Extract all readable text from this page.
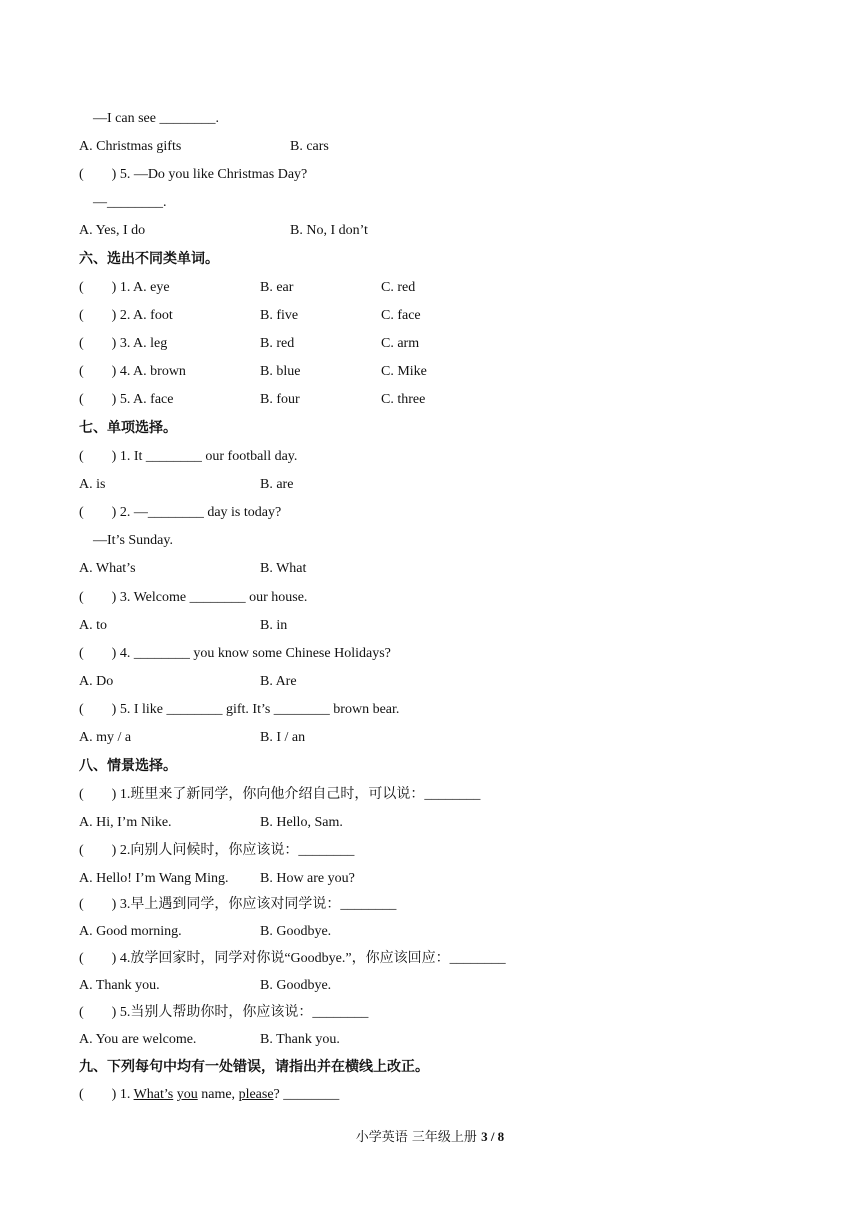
—I can see ________.
A. Christmas gifts	B. cars
(　　) 5. —Do you like Christmas Day?
—________.
A. Yes, I do	B. No, I don’t
六、选出不同类单词。
(　　) 1. A. eye	B. ear	C. red
(　　) 2. A. foot	B. five	C. face
(　　) 3. A. leg	B. red	C. arm
(　　) 4. A. brown	B. blue	C. Mike
(　　) 5. A. face	B. four	C. three
七、单项选择。
(　　) 1. It ________ our football day.
A. is	B. are
(　　) 2. —________ day is today?
—It’s Sunday.
A. What’s	B. What
(　　) 3. Welcome ________ our house.
A. to	B. in
(　　) 4. ________ you know some Chinese Holidays?
A. Do	B. Are
(　　) 5. I like ________ gift. It’s ________ brown bear.
A. my / a	B. I / an
八、情景选择。
(　　) 1.班里来了新同学，你向他介绍自己时，可以说：________
A. Hi, I’m Nike.	B. Hello, Sam.
(　　) 2.向别人问候时，你应该说：________
A. Hello! I’m Wang Ming. B. How are you?
(　　) 3.早上遇到同学，你应该对同学说：________
A. Good morning.	B. Goodbye.
(　　) 4.放学回家时，同学对你说“Goodbye.”，你应该回应：________
A. Thank you.	B. Goodbye.
(　　) 5.当别人帮助你时，你应该说：________
A. You are welcome.	B. Thank you.
九、下列每句中均有一处错误，请指出并在横线上改正。
(　　) 1. What’s you name, please? ________
小学英语 三年级上册 3 / 8
